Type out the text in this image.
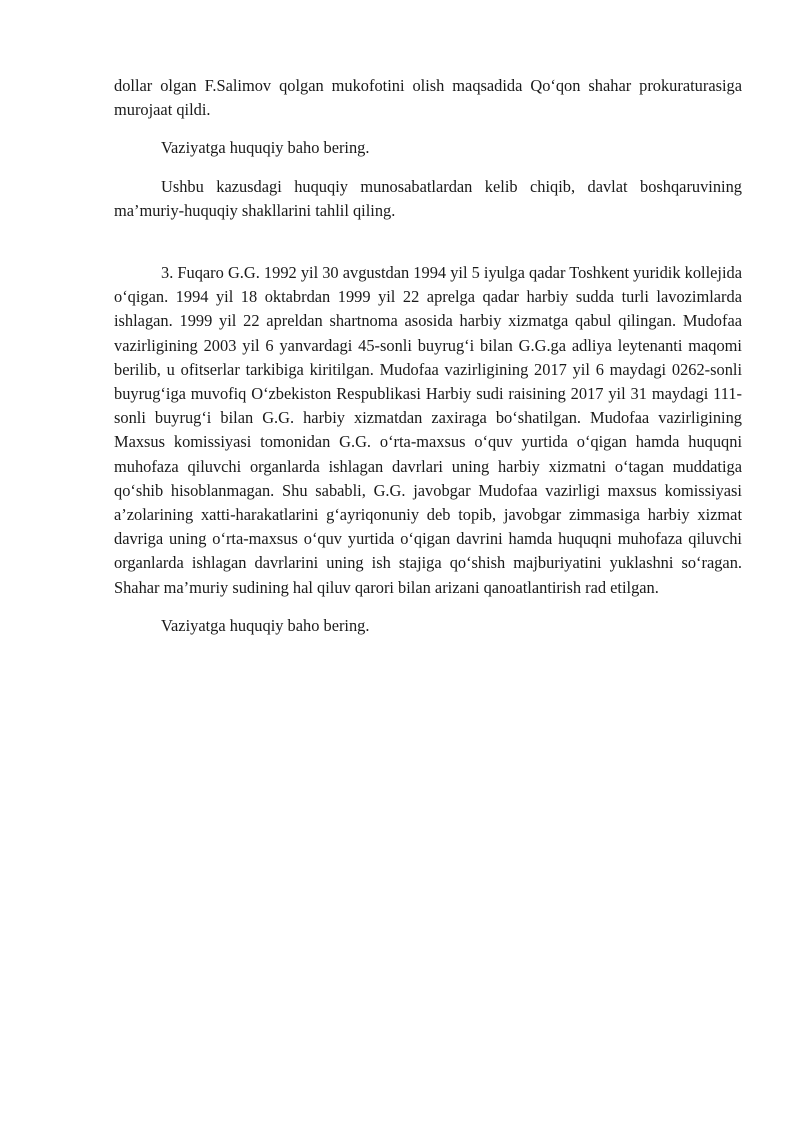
dollar olgan F.Salimov qolgan mukofotini olish maqsadida Qo‘qon shahar prokuraturasiga murojaat qildi.

Vaziyatga huquqiy baho bering.

Ushbu kazusdagi huquqiy munosabatlardan kelib chiqib, davlat boshqaruvining ma’muriy-huquqiy shakllarini tahlil qiling.

3. Fuqaro G.G. 1992 yil 30 avgustdan 1994 yil 5 iyulga qadar Toshkent yuridik kollejida o‘qigan. 1994 yil 18 oktabrdan 1999 yil 22 aprelga qadar harbiy sudda turli lavozimlarda ishlagan. 1999 yil 22 apreldan shartnoma asosida harbiy xizmatga qabul qilingan. Mudofaa vazirligining 2003 yil 6 yanvardagi 45-sonli buyrug‘i bilan G.G.ga adliya leytenanti maqomi berilib, u ofitserlar tarkibiga kiritilgan. Mudofaa vazirligining 2017 yil 6 maydagi 0262-sonli buyrug‘iga muvofiq O‘zbekiston Respublikasi Harbiy sudi raisining 2017 yil 31 maydagi 111-sonli buyrug‘i bilan G.G. harbiy xizmatdan zaxiraga bo‘shatilgan. Mudofaa vazirligining Maxsus komissiyasi tomonidan G.G. o‘rta-maxsus o‘quv yurtida o‘qigan hamda huquqni muhofaza qiluvchi organlarda ishlagan davrlari uning harbiy xizmatni o‘tagan muddatiga qo‘shib hisoblanmagan. Shu sababli, G.G. javobgar Mudofaa vazirligi maxsus komissiyasi a’zolarining xatti-harakatlarini g‘ayriqonuniy deb topib, javobgar zimmasiga harbiy xizmat davriga uning o‘rta-maxsus o‘quv yurtida o‘qigan davrini hamda huquqni muhofaza qiluvchi organlarda ishlagan davrlarini uning ish stajiga qo‘shish majburiyatini yuklashni so‘ragan. Shahar ma’muriy sudining hal qiluv qarori bilan arizani qanoatlantirish rad etilgan.

Vaziyatga huquqiy baho bering.
